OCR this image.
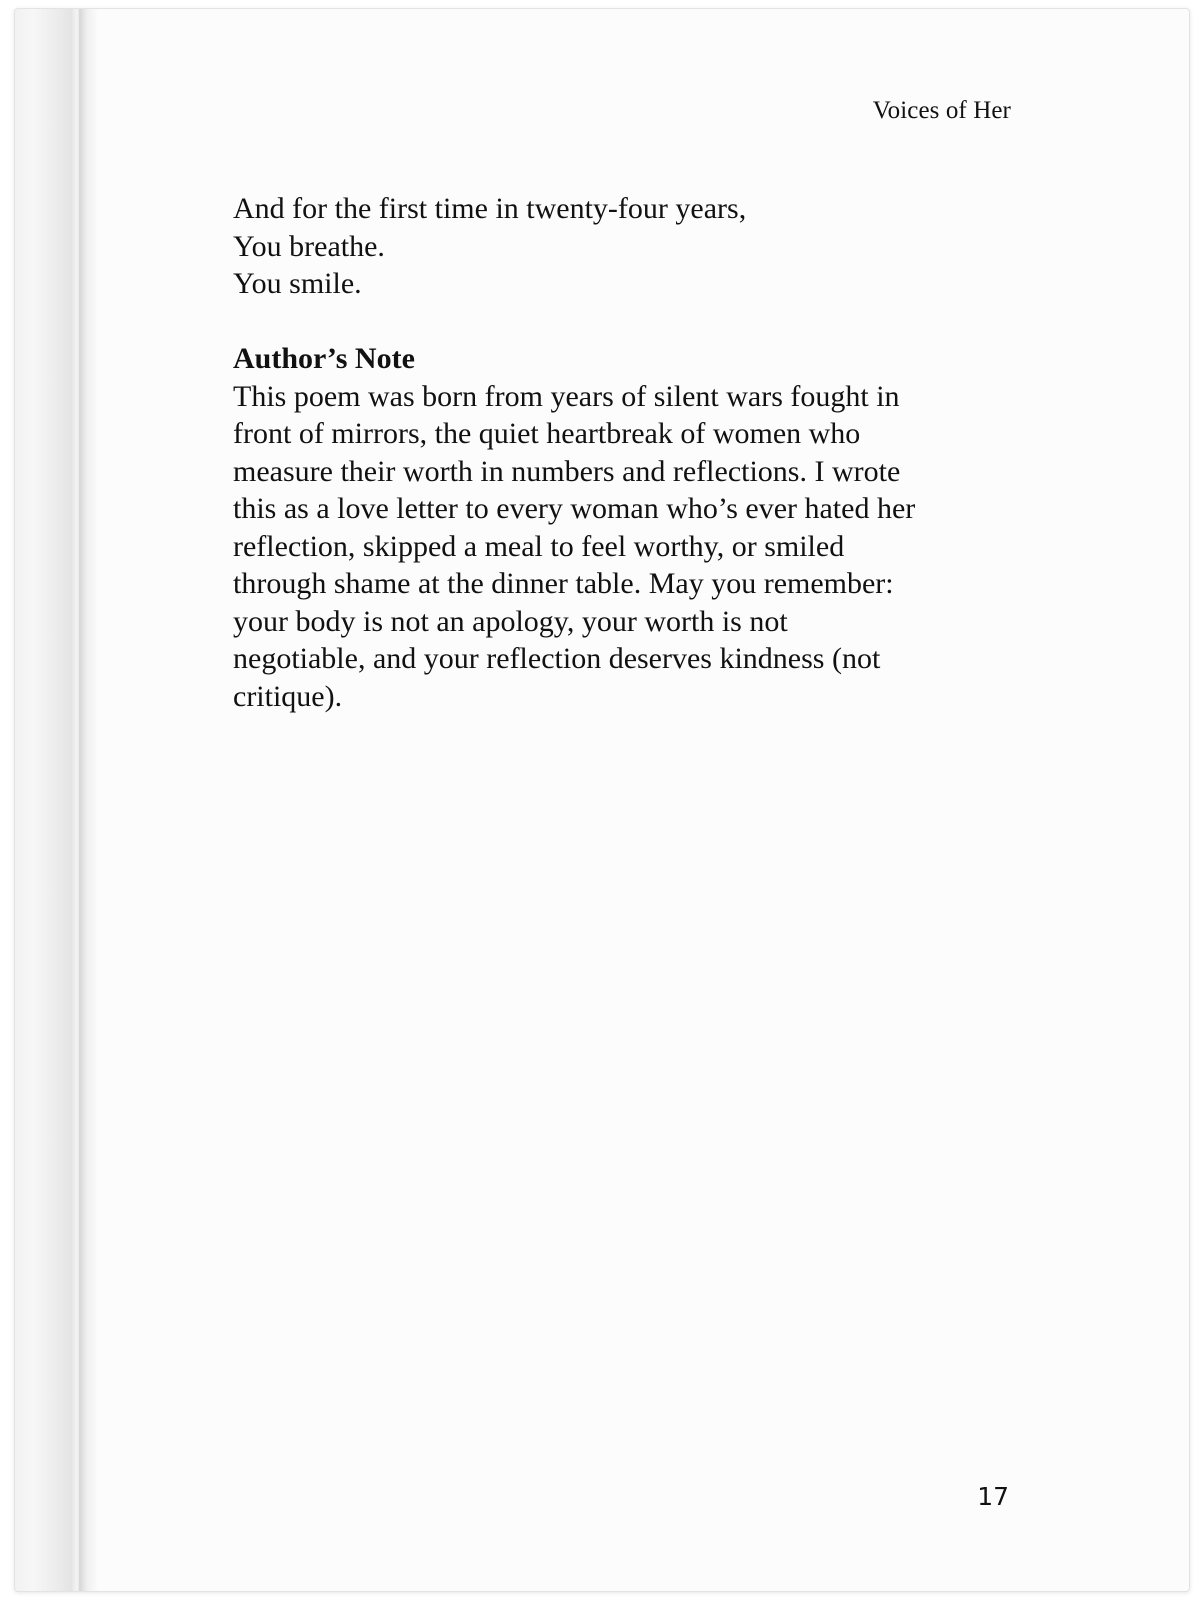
Voices of Her
And for the first time in twenty-four years,
You breathe.
You smile.
Author’s Note
This poem was born from years of silent wars fought in
front of mirrors, the quiet heartbreak of women who
measure their worth in numbers and reflections. I wrote
this as a love letter to every woman who’s ever hated her
reflection, skipped a meal to feel worthy, or smiled
through shame at the dinner table. May you remember:
your body is not an apology, your worth is not
negotiable, and your reflection deserves kindness (not
critique).
17
